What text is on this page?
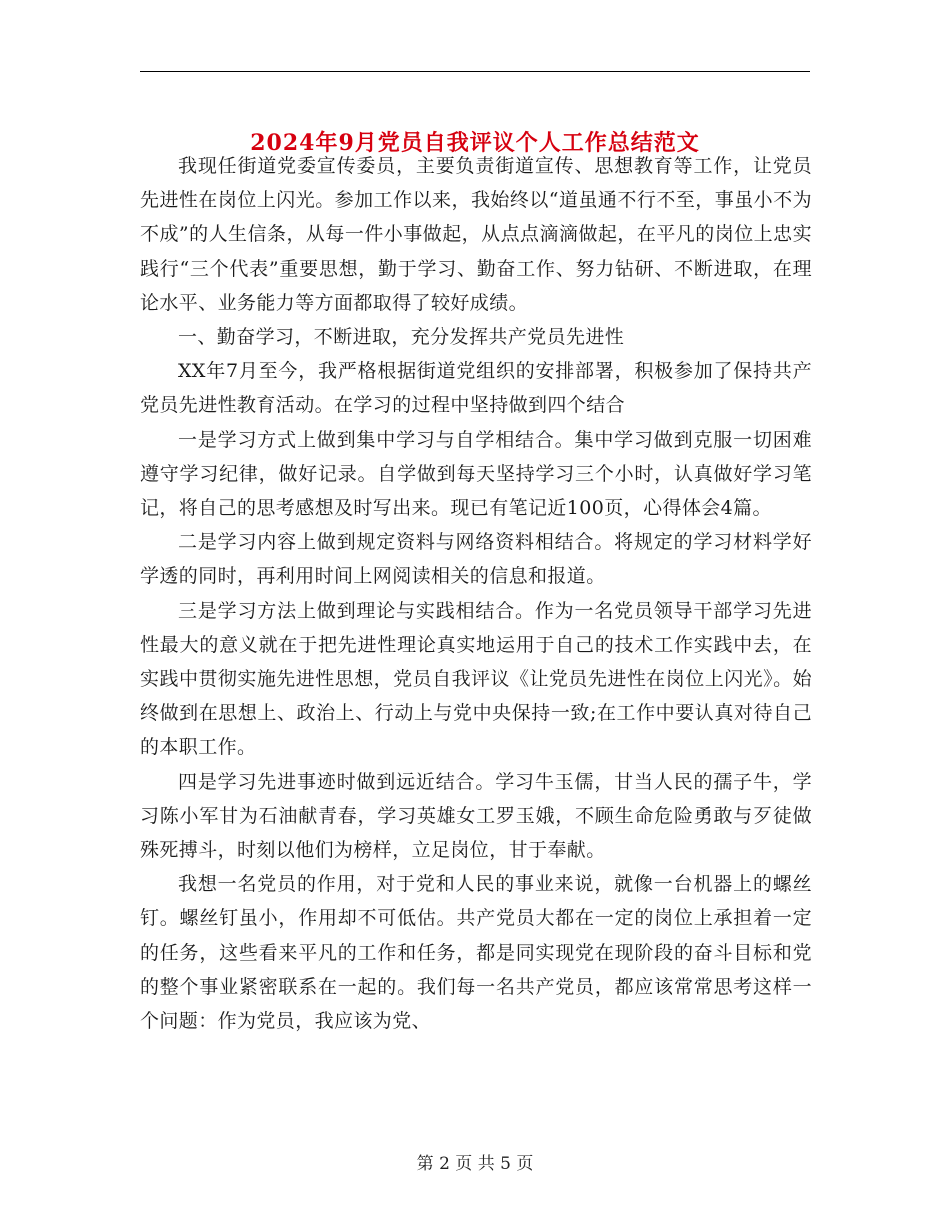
2024年9月党员自我评议个人工作总结范文

我现任街道党委宣传委员，主要负责街道宣传、思想教育等工作，让党员先进性在岗位上闪光。参加工作以来，我始终以“道虽通不行不至，事虽小不为不成”的人生信条，从每一件小事做起，从点点滴滴做起，在平凡的岗位上忠实践行“三个代表”重要思想，勤于学习、勤奋工作、努力钻研、不断进取，在理论水平、业务能力等方面都取得了较好成绩。

一、勤奋学习，不断进取，充分发挥共产党员先进性

XX年7月至今，我严格根据街道党组织的安排部署，积极参加了保持共产党员先进性教育活动。在学习的过程中坚持做到四个结合

一是学习方式上做到集中学习与自学相结合。集中学习做到克服一切困难遵守学习纪律，做好记录。自学做到每天坚持学习三个小时，认真做好学习笔记，将自己的思考感想及时写出来。现已有笔记近100页，心得体会4篇。

二是学习内容上做到规定资料与网络资料相结合。将规定的学习材料学好学透的同时，再利用时间上网阅读相关的信息和报道。

三是学习方法上做到理论与实践相结合。作为一名党员领导干部学习先进性最大的意义就在于把先进性理论真实地运用于自己的技术工作实践中去，在实践中贯彻实施先进性思想，党员自我评议《让党员先进性在岗位上闪光》。始终做到在思想上、政治上、行动上与党中央保持一致;在工作中要认真对待自己的本职工作。

四是学习先进事迹时做到远近结合。学习牛玉儒，甘当人民的孺子牛，学习陈小军甘为石油献青春，学习英雄女工罗玉娥，不顾生命危险勇敢与歹徒做殊死搏斗，时刻以他们为榜样，立足岗位，甘于奉献。

我想一名党员的作用，对于党和人民的事业来说，就像一台机器上的螺丝钉。螺丝钉虽小，作用却不可低估。共产党员大都在一定的岗位上承担着一定的任务，这些看来平凡的工作和任务，都是同实现党在现阶段的奋斗目标和党的整个事业紧密联系在一起的。我们每一名共产党员，都应该常常思考这样一个问题：作为党员，我应该为党、

第 2 页 共 5 页
